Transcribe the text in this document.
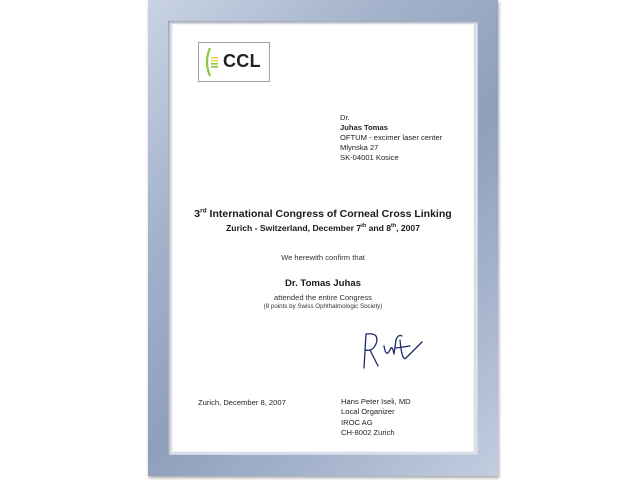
CCL
Dr.
Juhas Tomas
OFTUM - excimer laser center
Mlynska 27
SK-04001 Kosice
3rd International Congress of Corneal Cross Linking
Zurich - Switzerland, December 7th and 8th, 2007
We herewith confirm that
Dr. Tomas Juhas
attended the entire Congress
(8 points by Swiss Ophthalmologic Society)
Zurich, December 8, 2007	Hans Peter Iseli, MD
Local Organizer
IROC AG
CH-8002 Zurich
